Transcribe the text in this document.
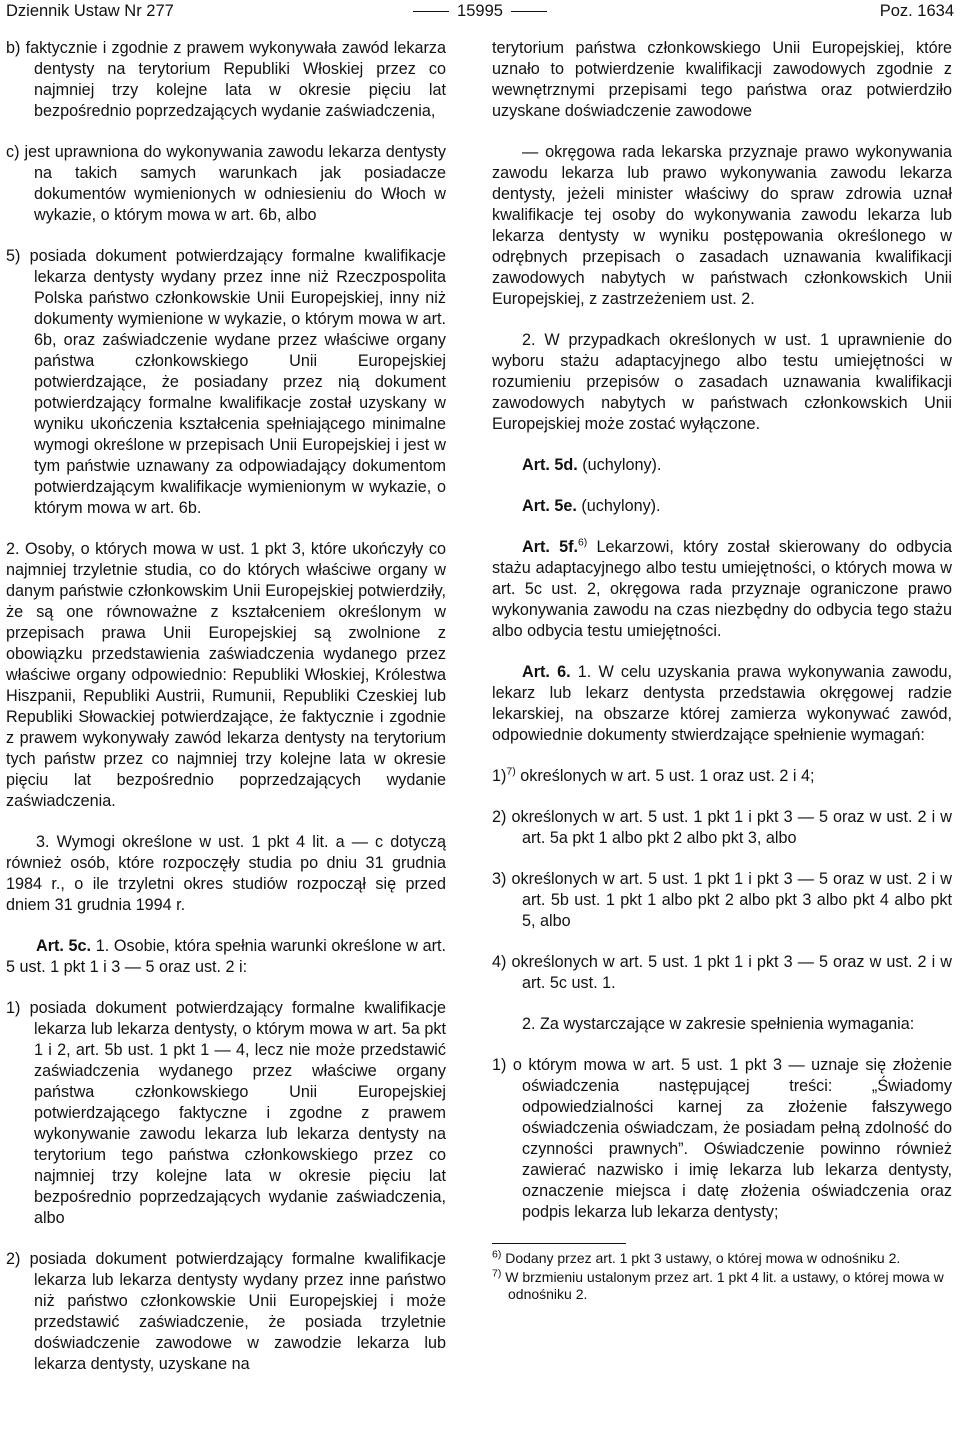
Dziennik Ustaw Nr 277	15995	Poz. 1634

b) faktycznie i zgodnie z prawem wykonywała zawód lekarza dentysty na terytorium Republiki Włoskiej przez co najmniej trzy kolejne lata w okresie pięciu lat bezpośrednio poprzedzających wydanie zaświadczenia,

c) jest uprawniona do wykonywania zawodu lekarza dentysty na takich samych warunkach jak posiadacze dokumentów wymienionych w odniesieniu do Włoch w wykazie, o którym mowa w art. 6b, albo

5) posiada dokument potwierdzający formalne kwalifikacje lekarza dentysty wydany przez inne niż Rzeczpospolita Polska państwo członkowskie Unii Europejskiej, inny niż dokumenty wymienione w wykazie, o którym mowa w art. 6b, oraz zaświadczenie wydane przez właściwe organy państwa członkowskiego Unii Europejskiej potwierdzające, że posiadany przez nią dokument potwierdzający formalne kwalifikacje został uzyskany w wyniku ukończenia kształcenia spełniającego minimalne wymogi określone w przepisach Unii Europejskiej i jest w tym państwie uznawany za odpowiadający dokumentom potwierdzającym kwalifikacje wymienionym w wykazie, o którym mowa w art. 6b.

2. Osoby, o których mowa w ust. 1 pkt 3, które ukończyły co najmniej trzyletnie studia, co do których właściwe organy w danym państwie członkowskim Unii Europejskiej potwierdziły, że są one równoważne z kształceniem określonym w przepisach prawa Unii Europejskiej są zwolnione z obowiązku przedstawienia zaświadczenia wydanego przez właściwe organy odpowiednio: Republiki Włoskiej, Królestwa Hiszpanii, Republiki Austrii, Rumunii, Republiki Czeskiej lub Republiki Słowackiej potwierdzające, że faktycznie i zgodnie z prawem wykonywały zawód lekarza dentysty na terytorium tych państw przez co najmniej trzy kolejne lata w okresie pięciu lat bezpośrednio poprzedzających wydanie zaświadczenia.

3. Wymogi określone w ust. 1 pkt 4 lit. a — c dotyczą również osób, które rozpoczęły studia po dniu 31 grudnia 1984 r., o ile trzyletni okres studiów rozpoczął się przed dniem 31 grudnia 1994 r.

Art. 5c. 1. Osobie, która spełnia warunki określone w art. 5 ust. 1 pkt 1 i 3 — 5 oraz ust. 2 i:

1) posiada dokument potwierdzający formalne kwalifikacje lekarza lub lekarza dentysty, o którym mowa w art. 5a pkt 1 i 2, art. 5b ust. 1 pkt 1 — 4, lecz nie może przedstawić zaświadczenia wydanego przez właściwe organy państwa członkowskiego Unii Europejskiej potwierdzającego faktyczne i zgodne z prawem wykonywanie zawodu lekarza lub lekarza dentysty na terytorium tego państwa członkowskiego przez co najmniej trzy kolejne lata w okresie pięciu lat bezpośrednio poprzedzających wydanie zaświadczenia, albo

2) posiada dokument potwierdzający formalne kwalifikacje lekarza lub lekarza dentysty wydany przez inne państwo niż państwo członkowskie Unii Europejskiej i może przedstawić zaświadczenie, że posiada trzyletnie doświadczenie zawodowe w zawodzie lekarza lub lekarza dentysty, uzyskane na

terytorium państwa członkowskiego Unii Europejskiej, które uznało to potwierdzenie kwalifikacji zawodowych zgodnie z wewnętrznymi przepisami tego państwa oraz potwierdziło uzyskane doświadczenie zawodowe

— okręgowa rada lekarska przyznaje prawo wykonywania zawodu lekarza lub prawo wykonywania zawodu lekarza dentysty, jeżeli minister właściwy do spraw zdrowia uznał kwalifikacje tej osoby do wykonywania zawodu lekarza lub lekarza dentysty w wyniku postępowania określonego w odrębnych przepisach o zasadach uznawania kwalifikacji zawodowych nabytych w państwach członkowskich Unii Europejskiej, z zastrzeżeniem ust. 2.

2. W przypadkach określonych w ust. 1 uprawnienie do wyboru stażu adaptacyjnego albo testu umiejętności w rozumieniu przepisów o zasadach uznawania kwalifikacji zawodowych nabytych w państwach członkowskich Unii Europejskiej może zostać wyłączone.

Art. 5d. (uchylony).

Art. 5e. (uchylony).

Art. 5f.$^{6)}$ Lekarzowi, który został skierowany do odbycia stażu adaptacyjnego albo testu umiejętności, o których mowa w art. 5c ust. 2, okręgowa rada przyznaje ograniczone prawo wykonywania zawodu na czas niezbędny do odbycia tego stażu albo odbycia testu umiejętności.

Art. 6. 1. W celu uzyskania prawa wykonywania zawodu, lekarz lub lekarz dentysta przedstawia okręgowej radzie lekarskiej, na obszarze której zamierza wykonywać zawód, odpowiednie dokumenty stwierdzające spełnienie wymagań:

1)$^{7)}$ określonych w art. 5 ust. 1 oraz ust. 2 i 4;

2) określonych w art. 5 ust. 1 pkt 1 i pkt 3 — 5 oraz w ust. 2 i w art. 5a pkt 1 albo pkt 2 albo pkt 3, albo

3) określonych w art. 5 ust. 1 pkt 1 i pkt 3 — 5 oraz w ust. 2 i w art. 5b ust. 1 pkt 1 albo pkt 2 albo pkt 3 albo pkt 4 albo pkt 5, albo

4) określonych w art. 5 ust. 1 pkt 1 i pkt 3 — 5 oraz w ust. 2 i w art. 5c ust. 1.

2. Za wystarczające w zakresie spełnienia wymagania:

1) o którym mowa w art. 5 ust. 1 pkt 3 — uznaje się złożenie oświadczenia następującej treści: „Świadomy odpowiedzialności karnej za złożenie fałszywego oświadczenia oświadczam, że posiadam pełną zdolność do czynności prawnych”. Oświadczenie powinno również zawierać nazwisko i imię lekarza lub lekarza dentysty, oznaczenie miejsca i datę złożenia oświadczenia oraz podpis lekarza lub lekarza dentysty;

$^{6)}$ Dodany przez art. 1 pkt 3 ustawy, o której mowa w odnośniku 2.

$^{7)}$ W brzmieniu ustalonym przez art. 1 pkt 4 lit. a ustawy, o której mowa w odnośniku 2.
